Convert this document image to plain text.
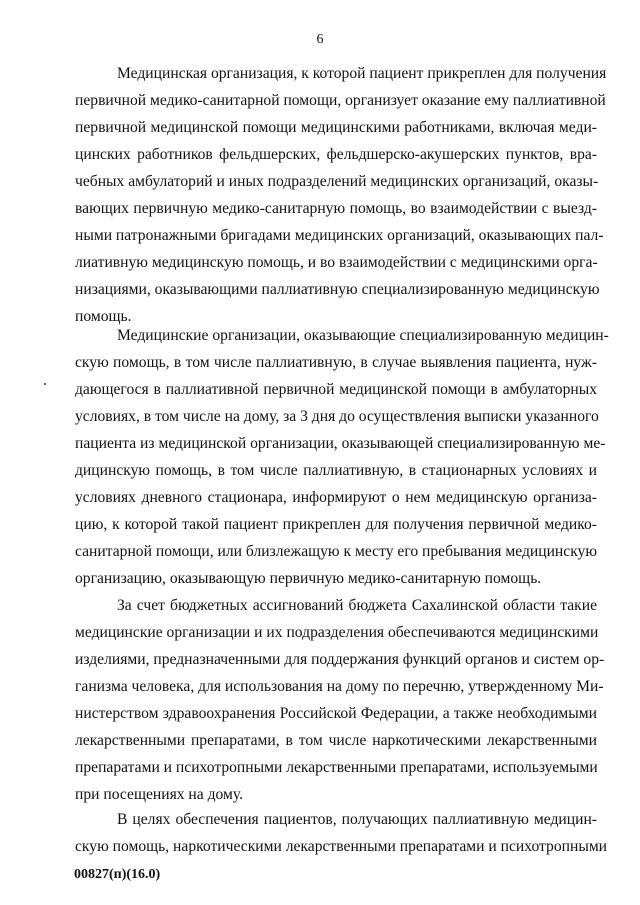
6
Медицинская организация, к которой пациент прикреплен для получения
первичной медико-санитарной помощи, организует оказание ему паллиативной
первичной медицинской помощи медицинскими работниками, включая меди-
цинских работников фельдшерских, фельдшерско-акушерских пунктов, вра-
чебных амбулаторий и иных подразделений медицинских организаций, оказы-
вающих первичную медико-санитарную помощь, во взаимодействии с выезд-
ными патронажными бригадами медицинских организаций, оказывающих пал-
лиативную медицинскую помощь, и во взаимодействии с медицинскими орга-
низациями, оказывающими паллиативную специализированную медицинскую
помощь.
Медицинские организации, оказывающие специализированную медицин-
скую помощь, в том числе паллиативную, в случае выявления пациента, нуж-
дающегося в паллиативной первичной медицинской помощи в амбулаторных
условиях, в том числе на дому, за 3 дня до осуществления выписки указанного
пациента из медицинской организации, оказывающей специализированную ме-
дицинскую помощь, в том числе паллиативную, в стационарных условиях и
условиях дневного стационара, информируют о нем медицинскую организа-
цию, к которой такой пациент прикреплен для получения первичной медико-
санитарной помощи, или близлежащую к месту его пребывания медицинскую
организацию, оказывающую первичную медико-санитарную помощь.
За счет бюджетных ассигнований бюджета Сахалинской области такие
медицинские организации и их подразделения обеспечиваются медицинскими
изделиями, предназначенными для поддержания функций органов и систем ор-
ганизма человека, для использования на дому по перечню, утвержденному Ми-
нистерством здравоохранения Российской Федерации, а также необходимыми
лекарственными препаратами, в том числе наркотическими лекарственными
препаратами и психотропными лекарственными препаратами, используемыми
при посещениях на дому.
В целях обеспечения пациентов, получающих паллиативную медицин-
скую помощь, наркотическими лекарственными препаратами и психотропными
00827(п)(16.0)
